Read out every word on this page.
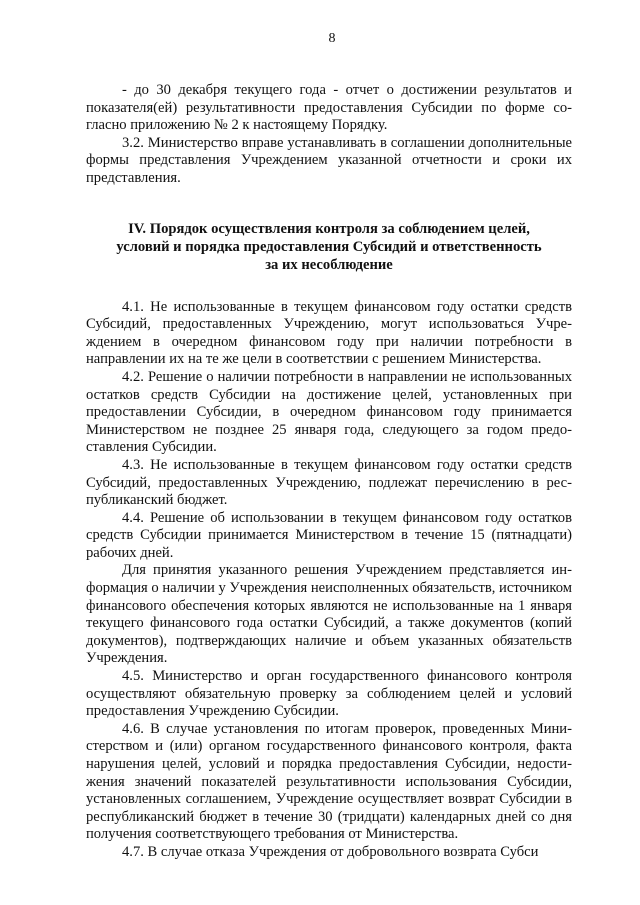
8

- до 30 декабря текущего года - отчет о достижении результатов и показателя(ей) результативности предоставления Субсидии по форме согласно приложению № 2 к настоящему Порядку.

3.2. Министерство вправе устанавливать в соглашении дополнительные формы представления Учреждением указанной отчетности и сроки их представления.

IV. Порядок осуществления контроля за соблюдением целей,
условий и порядка предоставления Субсидий и ответственность
за их несоблюдение

4.1. Не использованные в текущем финансовом году остатки средств Субсидий, предоставленных Учреждению, могут использоваться Учреждением в очередном финансовом году при наличии потребности в направлении их на те же цели в соответствии с решением Министерства.

4.2. Решение о наличии потребности в направлении не использованных остатков средств Субсидии на достижение целей, установленных при предоставлении Субсидии, в очередном финансовом году принимается Министерством не позднее 25 января года, следующего за годом предоставления Субсидии.

4.3. Не использованные в текущем финансовом году остатки средств Субсидий, предоставленных Учреждению, подлежат перечислению в республиканский бюджет.

4.4. Решение об использовании в текущем финансовом году остатков средств Субсидии принимается Министерством в течение 15 (пятнадцати) рабочих дней.

Для принятия указанного решения Учреждением представляется информация о наличии у Учреждения неисполненных обязательств, источником финансового обеспечения которых являются не использованные на 1 января текущего финансового года остатки Субсидий, а также документов (копий документов), подтверждающих наличие и объем указанных обязательств Учреждения.

4.5. Министерство и орган государственного финансового контроля осуществляют обязательную проверку за соблюдением целей и условий предоставления Учреждению Субсидии.

4.6. В случае установления по итогам проверок, проведенных Министерством и (или) органом государственного финансового контроля, факта нарушения целей, условий и порядка предоставления Субсидии, недостижения значений показателей результативности использования Субсидии, установленных соглашением, Учреждение осуществляет возврат Субсидии в республиканский бюджет в течение 30 (тридцати) календарных дней со дня получения соответствующего требования от Министерства.

4.7. В случае отказа Учреждения от добровольного возврата Субси
